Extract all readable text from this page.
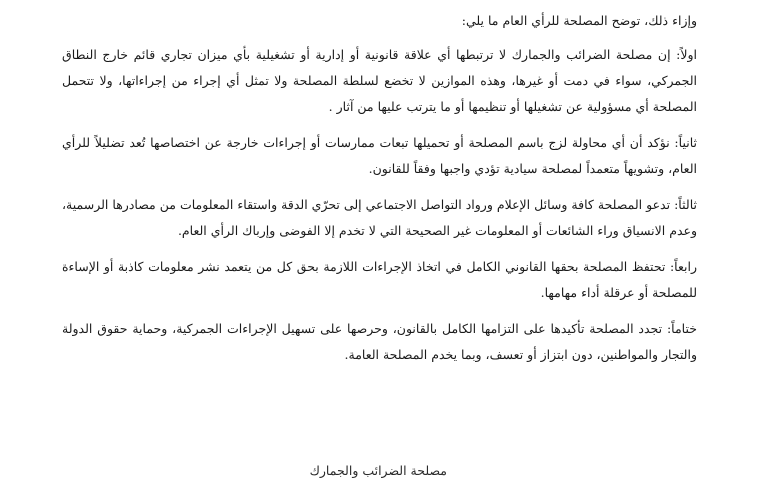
وإزاء ذلك، توضح المصلحة للرأي العام ما يلي:

اولاً: إن مصلحة الضرائب والجمارك لا ترتبطها أي علاقة قانونية أو إدارية أو تشغيلية بأي ميزان تجاري قائم خارج النطاق الجمركي، سواء في دمت أو غيرها، وهذه الموازين لا تخضع لسلطة المصلحة ولا تمثل أي إجراء من إجراءاتها، ولا تتحمل المصلحة أي مسؤولية عن تشغيلها أو تنظيمها أو ما يترتب عليها من آثار .

ثانياً: نؤكد أن أي محاولة لزج باسم المصلحة أو تحميلها تبعات ممارسات أو إجراءات خارجة عن اختصاصها تُعد تضليلاً للرأي العام، وتشويهاً متعمداً لمصلحة سيادية تؤدي واجبها وفقاً للقانون.

ثالثاً: تدعو المصلحة كافة وسائل الإعلام ورواد التواصل الاجتماعي إلى تحرّي الدقة واستقاء المعلومات من مصادرها الرسمية، وعدم الانسياق وراء الشائعات أو المعلومات غير الصحيحة التي لا تخدم إلا الفوضى وإرباك الرأي العام.

رابعاً: تحتفظ المصلحة بحقها القانوني الكامل في اتخاذ الإجراءات اللازمة بحق كل من يتعمد نشر معلومات كاذبة أو الإساءة للمصلحة أو عرقلة أداء مهامها.

ختاماً: تجدد المصلحة تأكيدها على التزامها الكامل بالقانون، وحرصها على تسهيل الإجراءات الجمركية، وحماية حقوق الدولة والتجار والمواطنين، دون ابتزاز أو تعسف، وبما يخدم المصلحة العامة.

مصلحة الضرائب والجمارك
